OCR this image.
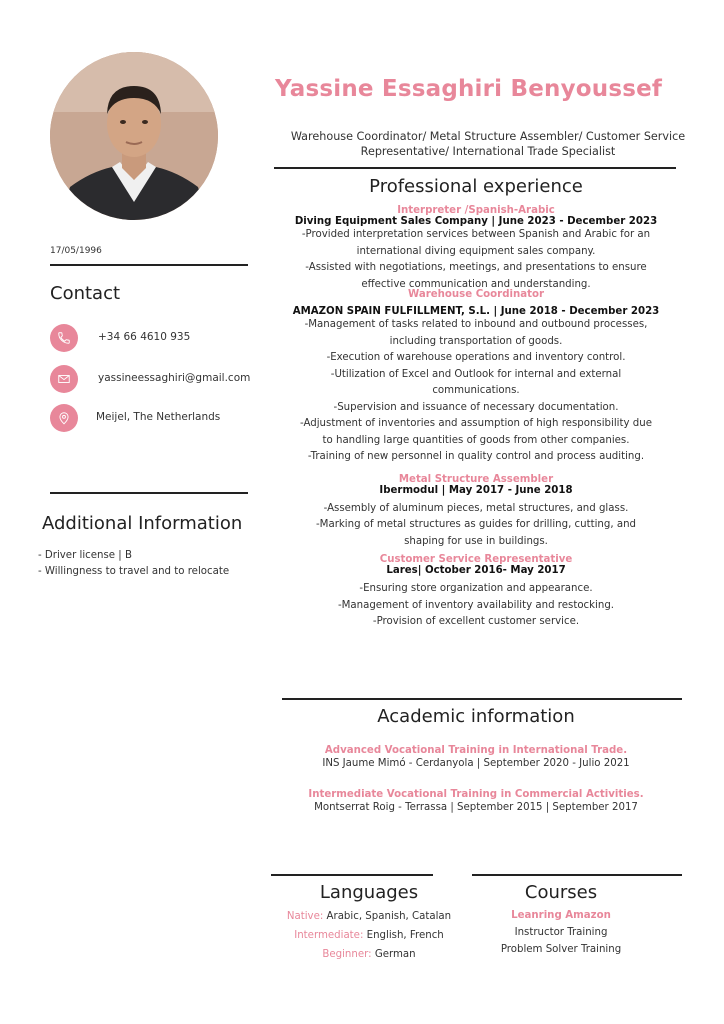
Yassine Essaghiri Benyoussef
Warehouse Coordinator/ Metal Structure Assembler/ Customer Service
Representative/ International Trade Specialist
17/05/1996
Contact
+34 66 4610 935
yassineessaghiri@gmail.com
Meijel, The Netherlands
Additional Information
- Driver license | B
- Willingness to travel and to relocate
Professional experience
Interpreter /Spanish-Arabic
Diving Equipment Sales Company | June 2023 - December 2023
-Provided interpretation services between Spanish and Arabic for an
international diving equipment sales company.
-Assisted with negotiations, meetings, and presentations to ensure
effective communication and understanding.
Warehouse Coordinator
AMAZON SPAIN FULFILLMENT, S.L. | June 2018 - December 2023
-Management of tasks related to inbound and outbound processes,
including transportation of goods.
-Execution of warehouse operations and inventory control.
-Utilization of Excel and Outlook for internal and external
communications.
-Supervision and issuance of necessary documentation.
-Adjustment of inventories and assumption of high responsibility due
to handling large quantities of goods from other companies.
-Training of new personnel in quality control and process auditing.
Metal Structure Assembler
Ibermodul | May 2017 - June 2018
-Assembly of aluminum pieces, metal structures, and glass.
-Marking of metal structures as guides for drilling, cutting, and
shaping for use in buildings.
Customer Service Representative
Lares| October 2016- May 2017
-Ensuring store organization and appearance.
-Management of inventory availability and restocking.
-Provision of excellent customer service.
Academic information
Advanced Vocational Training in International Trade.
INS Jaume Mimó - Cerdanyola | September 2020 - Julio 2021
Intermediate Vocational Training in Commercial Activities.
Montserrat Roig - Terrassa | September 2015 | September 2017
Languages
Native: Arabic, Spanish, Catalan
Intermediate: English, French
Beginner: German
Courses
Leanring Amazon
Instructor Training
Problem Solver Training
